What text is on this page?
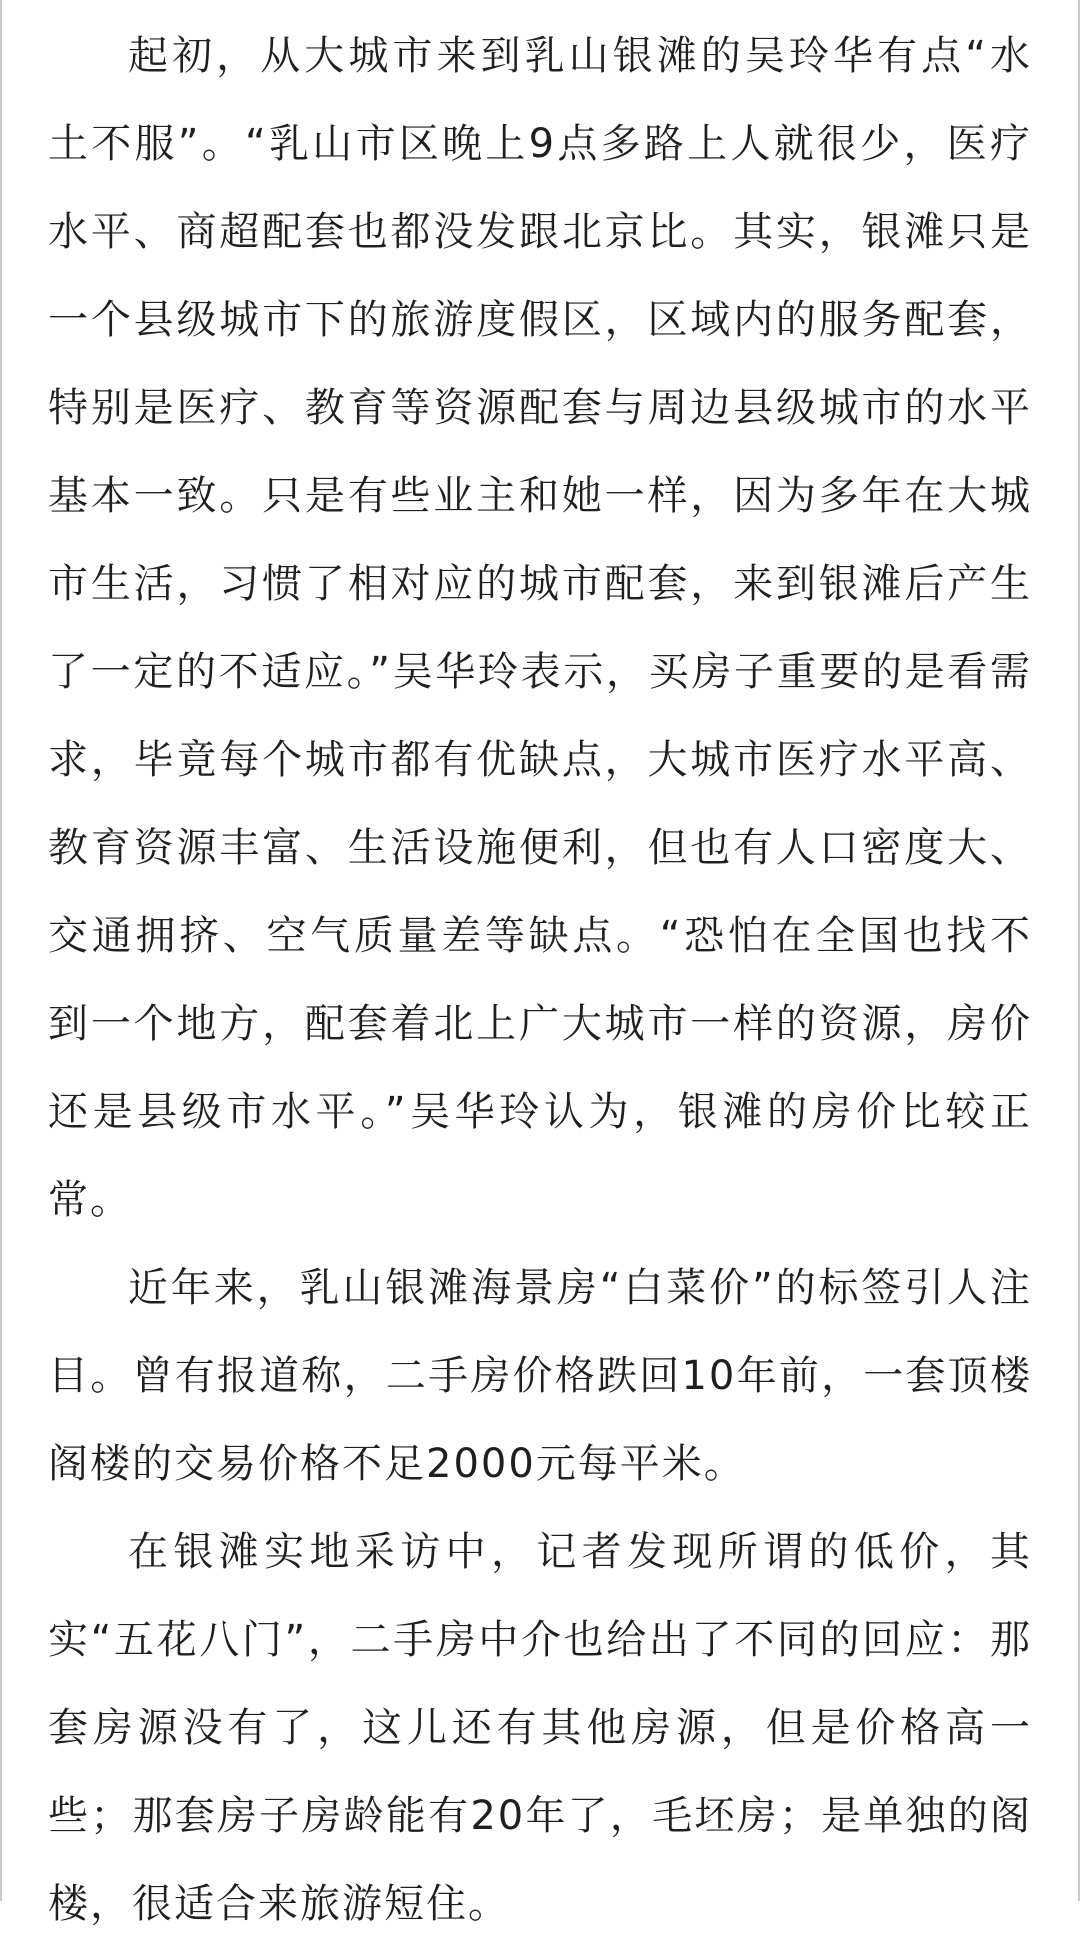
起初，从大城市来到乳山银滩的吴玲华有点“水土不服”。“乳山市区晚上9点多路上人就很少，医疗水平、商超配套也都没发跟北京比。其实，银滩只是一个县级城市下的旅游度假区，区域内的服务配套，特别是医疗、教育等资源配套与周边县级城市的水平基本一致。只是有些业主和她一样，因为多年在大城市生活，习惯了相对应的城市配套，来到银滩后产生了一定的不适应。”吴华玲表示，买房子重要的是看需求，毕竟每个城市都有优缺点，大城市医疗水平高、教育资源丰富、生活设施便利，但也有人口密度大、交通拥挤、空气质量差等缺点。“恐怕在全国也找不到一个地方，配套着北上广大城市一样的资源，房价还是县级市水平。”吴华玲认为，银滩的房价比较正常。

近年来，乳山银滩海景房“白菜价”的标签引人注目。曾有报道称，二手房价格跌回10年前，一套顶楼阁楼的交易价格不足2000元每平米。

在银滩实地采访中，记者发现所谓的低价，其实“五花八门”，二手房中介也给出了不同的回应：那套房源没有了，这儿还有其他房源，但是价格高一些；那套房子房龄能有20年了，毛坯房；是单独的阁楼，很适合来旅游短住。
